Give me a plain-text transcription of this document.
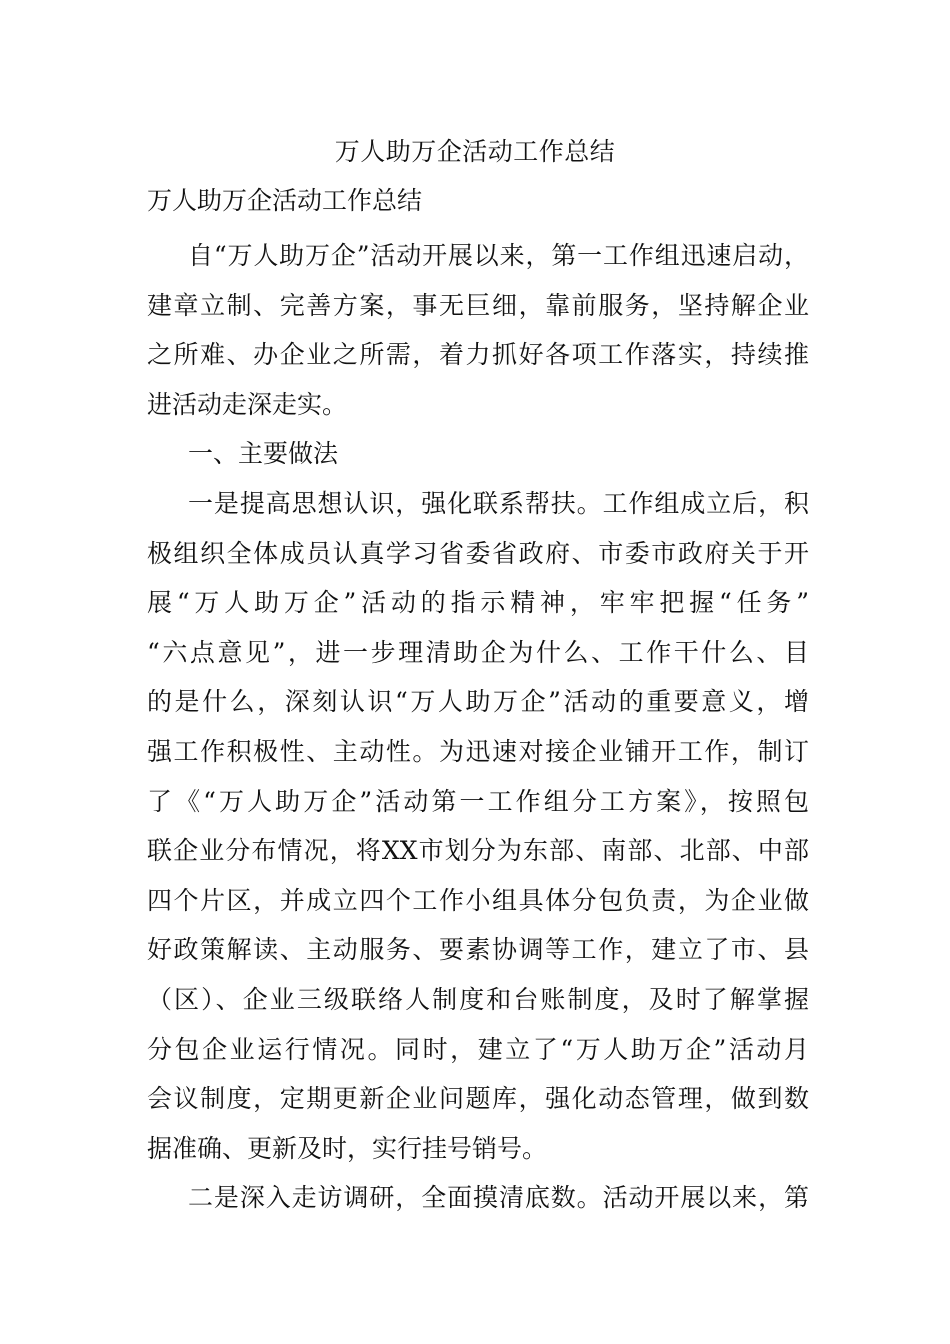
万人助万企活动工作总结
万人助万企活动工作总结

自“万人助万企”活动开展以来，第一工作组迅速启动，
建章立制、完善方案，事无巨细，靠前服务，坚持解企业
之所难、办企业之所需，着力抓好各项工作落实，持续推
进活动走深走实。

一、主要做法

一是提高思想认识，强化联系帮扶。工作组成立后，积
极组织全体成员认真学习省委省政府、市委市政府关于开
展“万人助万企”活动的指示精神，牢牢把握“任务”
“六点意见”，进一步理清助企为什么、工作干什么、目
的是什么，深刻认识“万人助万企”活动的重要意义，增
强工作积极性、主动性。为迅速对接企业铺开工作，制订
了《“万人助万企”活动第一工作组分工方案》，按照包
联企业分布情况，将XX市划分为东部、南部、北部、中部
四个片区，并成立四个工作小组具体分包负责，为企业做
好政策解读、主动服务、要素协调等工作，建立了市、县
（区）、企业三级联络人制度和台账制度，及时了解掌握
分包企业运行情况。同时，建立了“万人助万企”活动月
会议制度，定期更新企业问题库，强化动态管理，做到数
据准确、更新及时，实行挂号销号。

二是深入走访调研，全面摸清底数。活动开展以来，第
